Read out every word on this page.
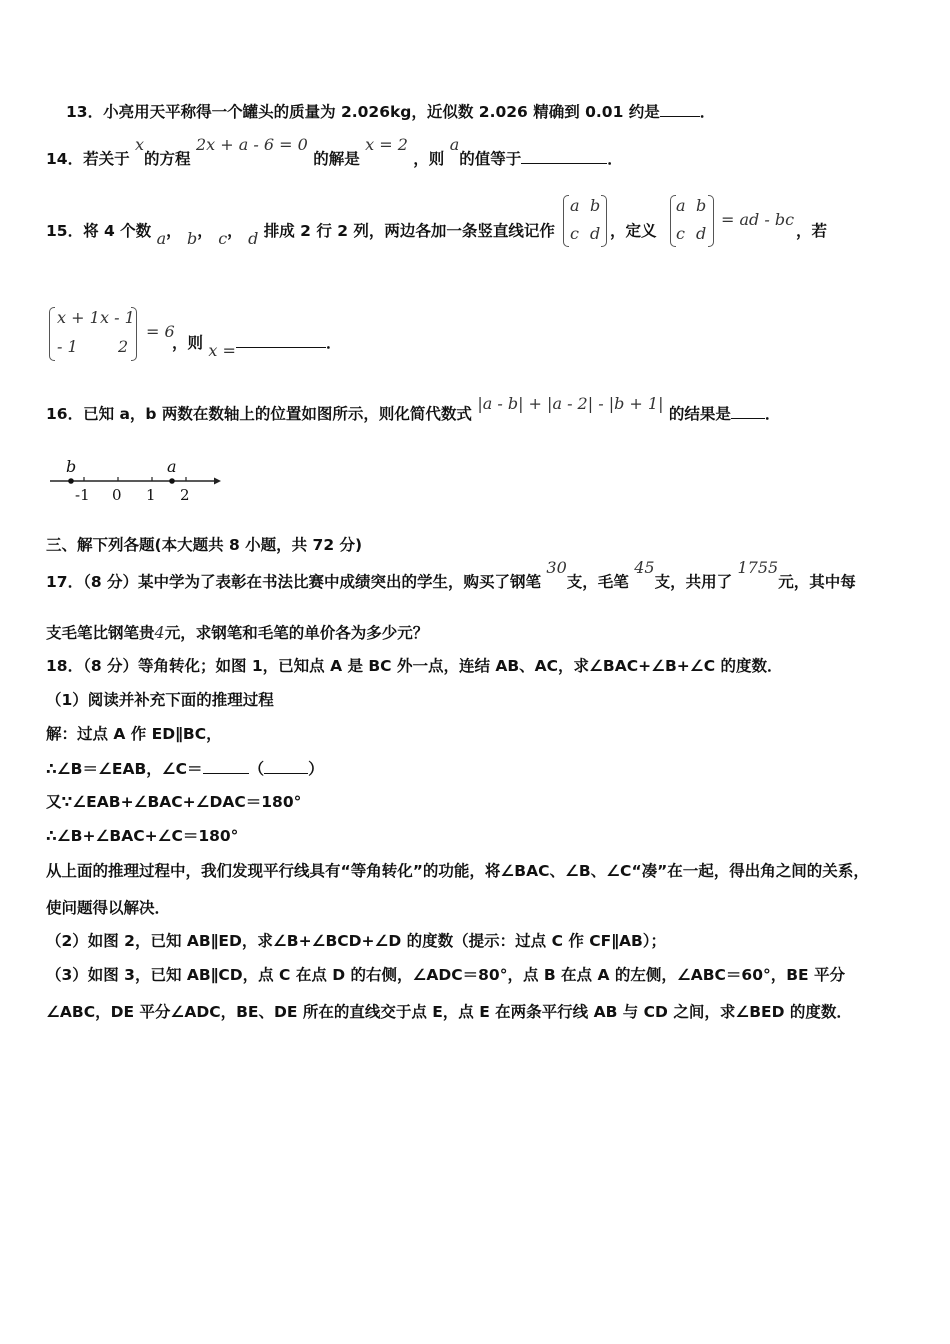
13．小亮用天平称得一个罐头的质量为 2.026kg，近似数 2.026 精确到 0.01 约是	．
14．若关于 x的方程 2x + a - 6 = 0 的解是 x = 2 ，则 a的值等于	．
15．将 4 个数 a， b， c， d 排成 2 行 2 列，两边各加一条竖直线记作
a b
c d ，定义
a b
c d
= ad - bc
，若
x + 1 x - 1
- 1	2
= 6
，则 x =	．
16．已知 a，b 两数在数轴上的位置如图所示，则化简代数式 |a - b| + |a - 2| - |b + 1| 的结果是 ．
b	a
-1 0 1 2
三、解下列各题(本大题共 8 小题，共 72 分)
17．（8 分）某中学为了表彰在书法比赛中成绩突出的学生，购买了钢笔 30支，毛笔 45支，共用了 1755元，其中每
支毛笔比钢笔贵4元，求钢笔和毛笔的单价各为多少元？
18．（8 分）等角转化；如图 1，已知点 A 是 BC 外一点，连结 AB、AC，求∠BAC+∠B+∠C 的度数．
（1）阅读并补充下面的推理过程
解：过点 A 作 ED∥BC，
∴∠B＝∠EAB，∠C＝	（	）
又∵∠EAB+∠BAC+∠DAC＝180°
∴∠B+∠BAC+∠C＝180°
从上面的推理过程中，我们发现平行线具有“等角转化”的功能，将∠BAC、∠B、∠C“凑”在一起，得出角之间的关系，
使问题得以解决．
（2）如图 2，已知 AB∥ED，求∠B+∠BCD+∠D 的度数（提示：过点 C 作 CF∥AB）；
（3）如图 3，已知 AB∥CD，点 C 在点 D 的右侧，∠ADC＝80°，点 B 在点 A 的左侧，∠ABC＝60°，BE 平分
∠ABC，DE 平分∠ADC，BE、DE 所在的直线交于点 E，点 E 在两条平行线 AB 与 CD 之间，求∠BED 的度数．
